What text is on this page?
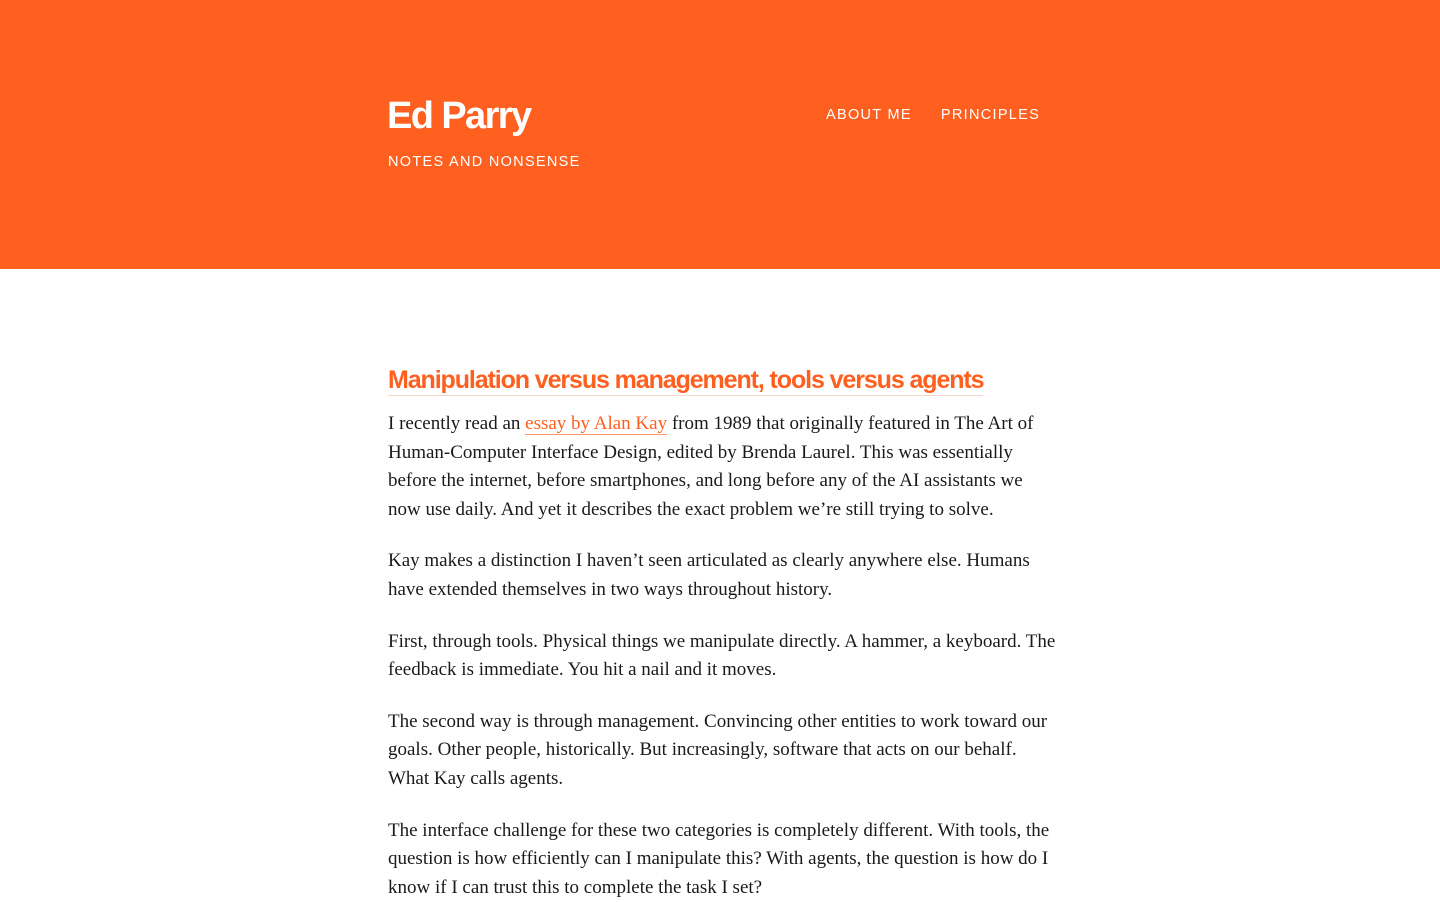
Ed Parry

NOTES AND NONSENSE

ABOUT ME PRINCIPLES
Manipulation versus management, tools versus agents

I recently read an essay by Alan Kay from 1989 that originally featured in The Art of Human-Computer Interface Design, edited by Brenda Laurel. This was essentially before the internet, before smartphones, and long before any of the AI assistants we now use daily. And yet it describes the exact problem we’re still trying to solve.

Kay makes a distinction I haven’t seen articulated as clearly anywhere else. Humans have extended themselves in two ways throughout history.

First, through tools. Physical things we manipulate directly. A hammer, a keyboard. The feedback is immediate. You hit a nail and it moves.

The second way is through management. Convincing other entities to work toward our goals. Other people, historically. But increasingly, software that acts on our behalf. What Kay calls agents.

The interface challenge for these two categories is completely different. With tools, the question is how efficiently can I manipulate this? With agents, the question is how do I know if I can trust this to complete the task I set?
